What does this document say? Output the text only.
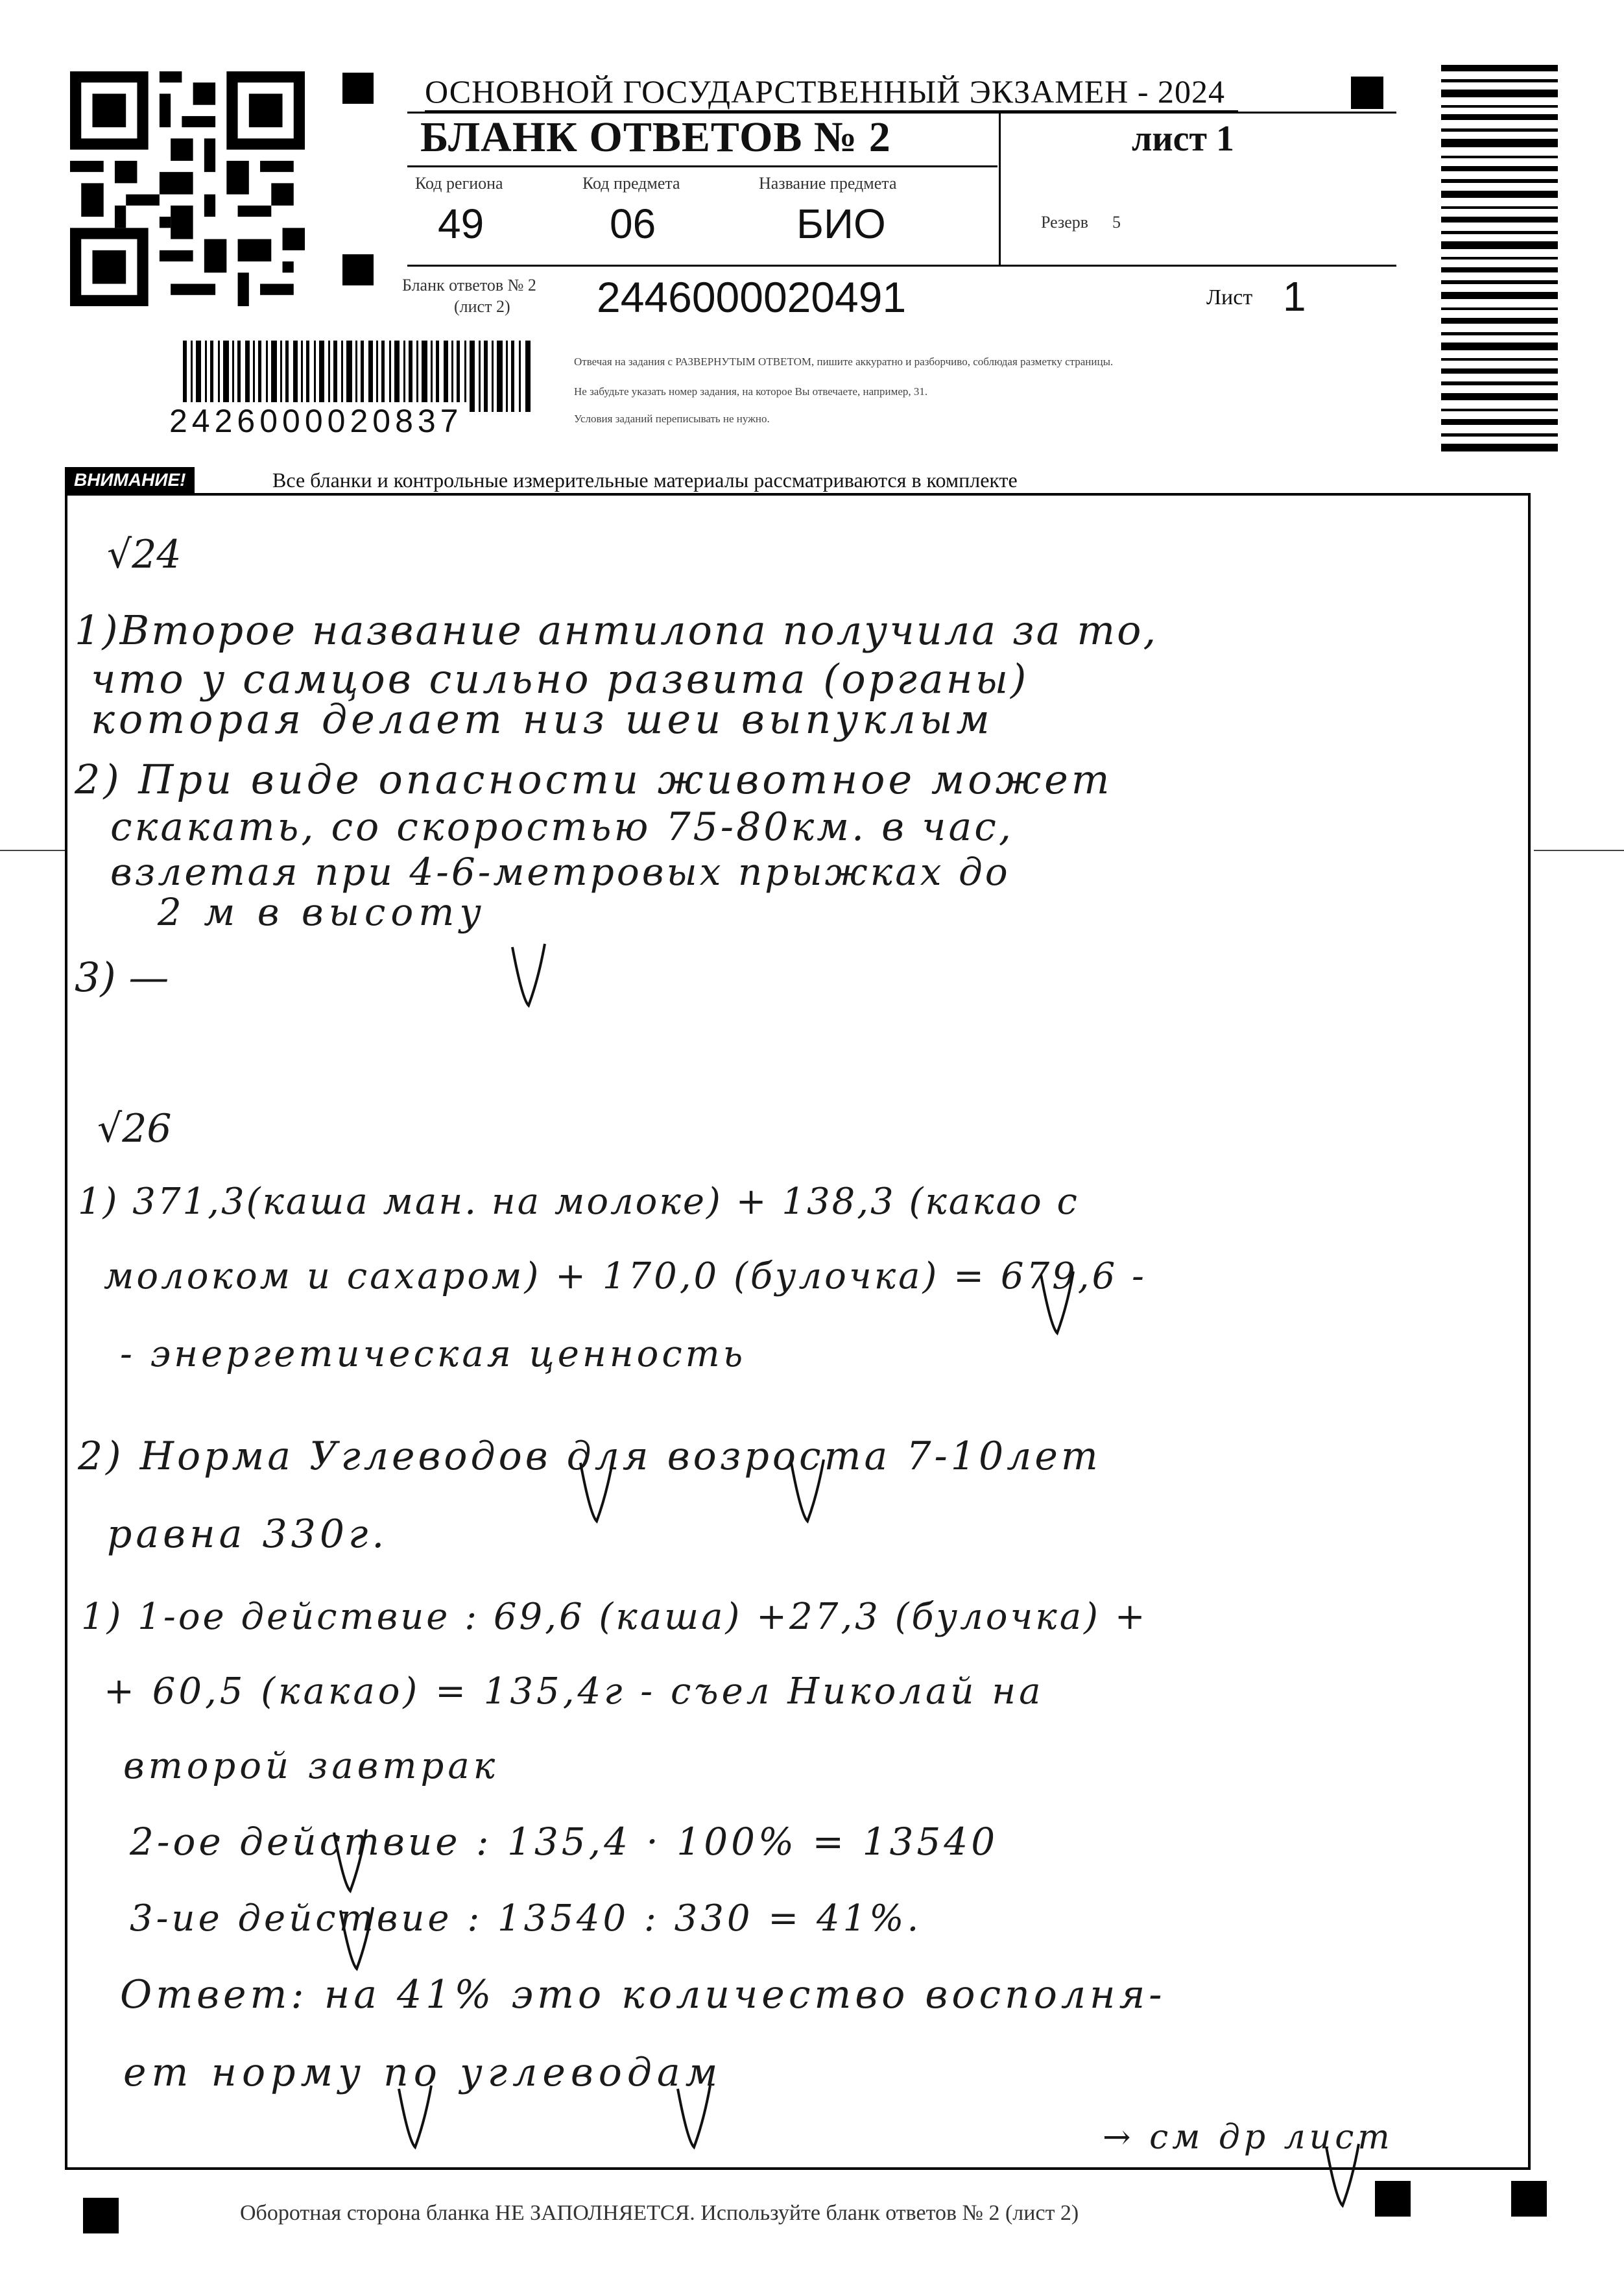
ОСНОВНОЙ ГОСУДАРСТВЕННЫЙ ЭКЗАМЕН - 2024
БЛАНК ОТВЕТОВ № 2	лист 1
Код региона	Код предмета	Название предмета
49	06	БИО	Резерв 5
Бланк ответов № 2
(лист 2) 2446000020491	Лист 1
Отвечая на задания с РАЗВЕРНУТЫМ ОТВЕТОМ, пишите аккуратно и разборчиво, соблюдая разметку страницы.
Не забудьте указать номер задания, на которое Вы отвечаете, например, 31.
Условия заданий переписывать не нужно.
2426000020837
ВНИМАНИЕ!	Все бланки и контрольные измерительные материалы рассматриваются в комплекте
√24
1)Второе название антилопа получила за то,
что у самцов сильно развита (органы)
которая делает низ шеи выпуклым
2) При виде опасности животное может
скакать, со скоростью 75-80км. в час,
взлетая при 4-6-метровых прыжках до
2 м в высоту
3) —
√26
1) 371,3(каша ман. на молоке) + 138,3 (какао с
молоком и сахаром) + 170,0 (булочка) = 679,6 -
- энергетическая ценность
2) Норма Углеводов для возроста 7-10лет
равна 330г.
1) 1-ое действие : 69,6 (каша) +27,3 (булочка) +
+ 60,5 (какао) = 135,4г - съел Николай на
второй завтрак
2-ое действие : 135,4 · 100% = 13540
3-ие действие : 13540 : 330 = 41%.
Ответ: на 41% это количество восполня-
ет норму по углеводам
→ см др лист
Оборотная сторона бланка НЕ ЗАПОЛНЯЕТСЯ. Используйте бланк ответов № 2 (лист 2)
